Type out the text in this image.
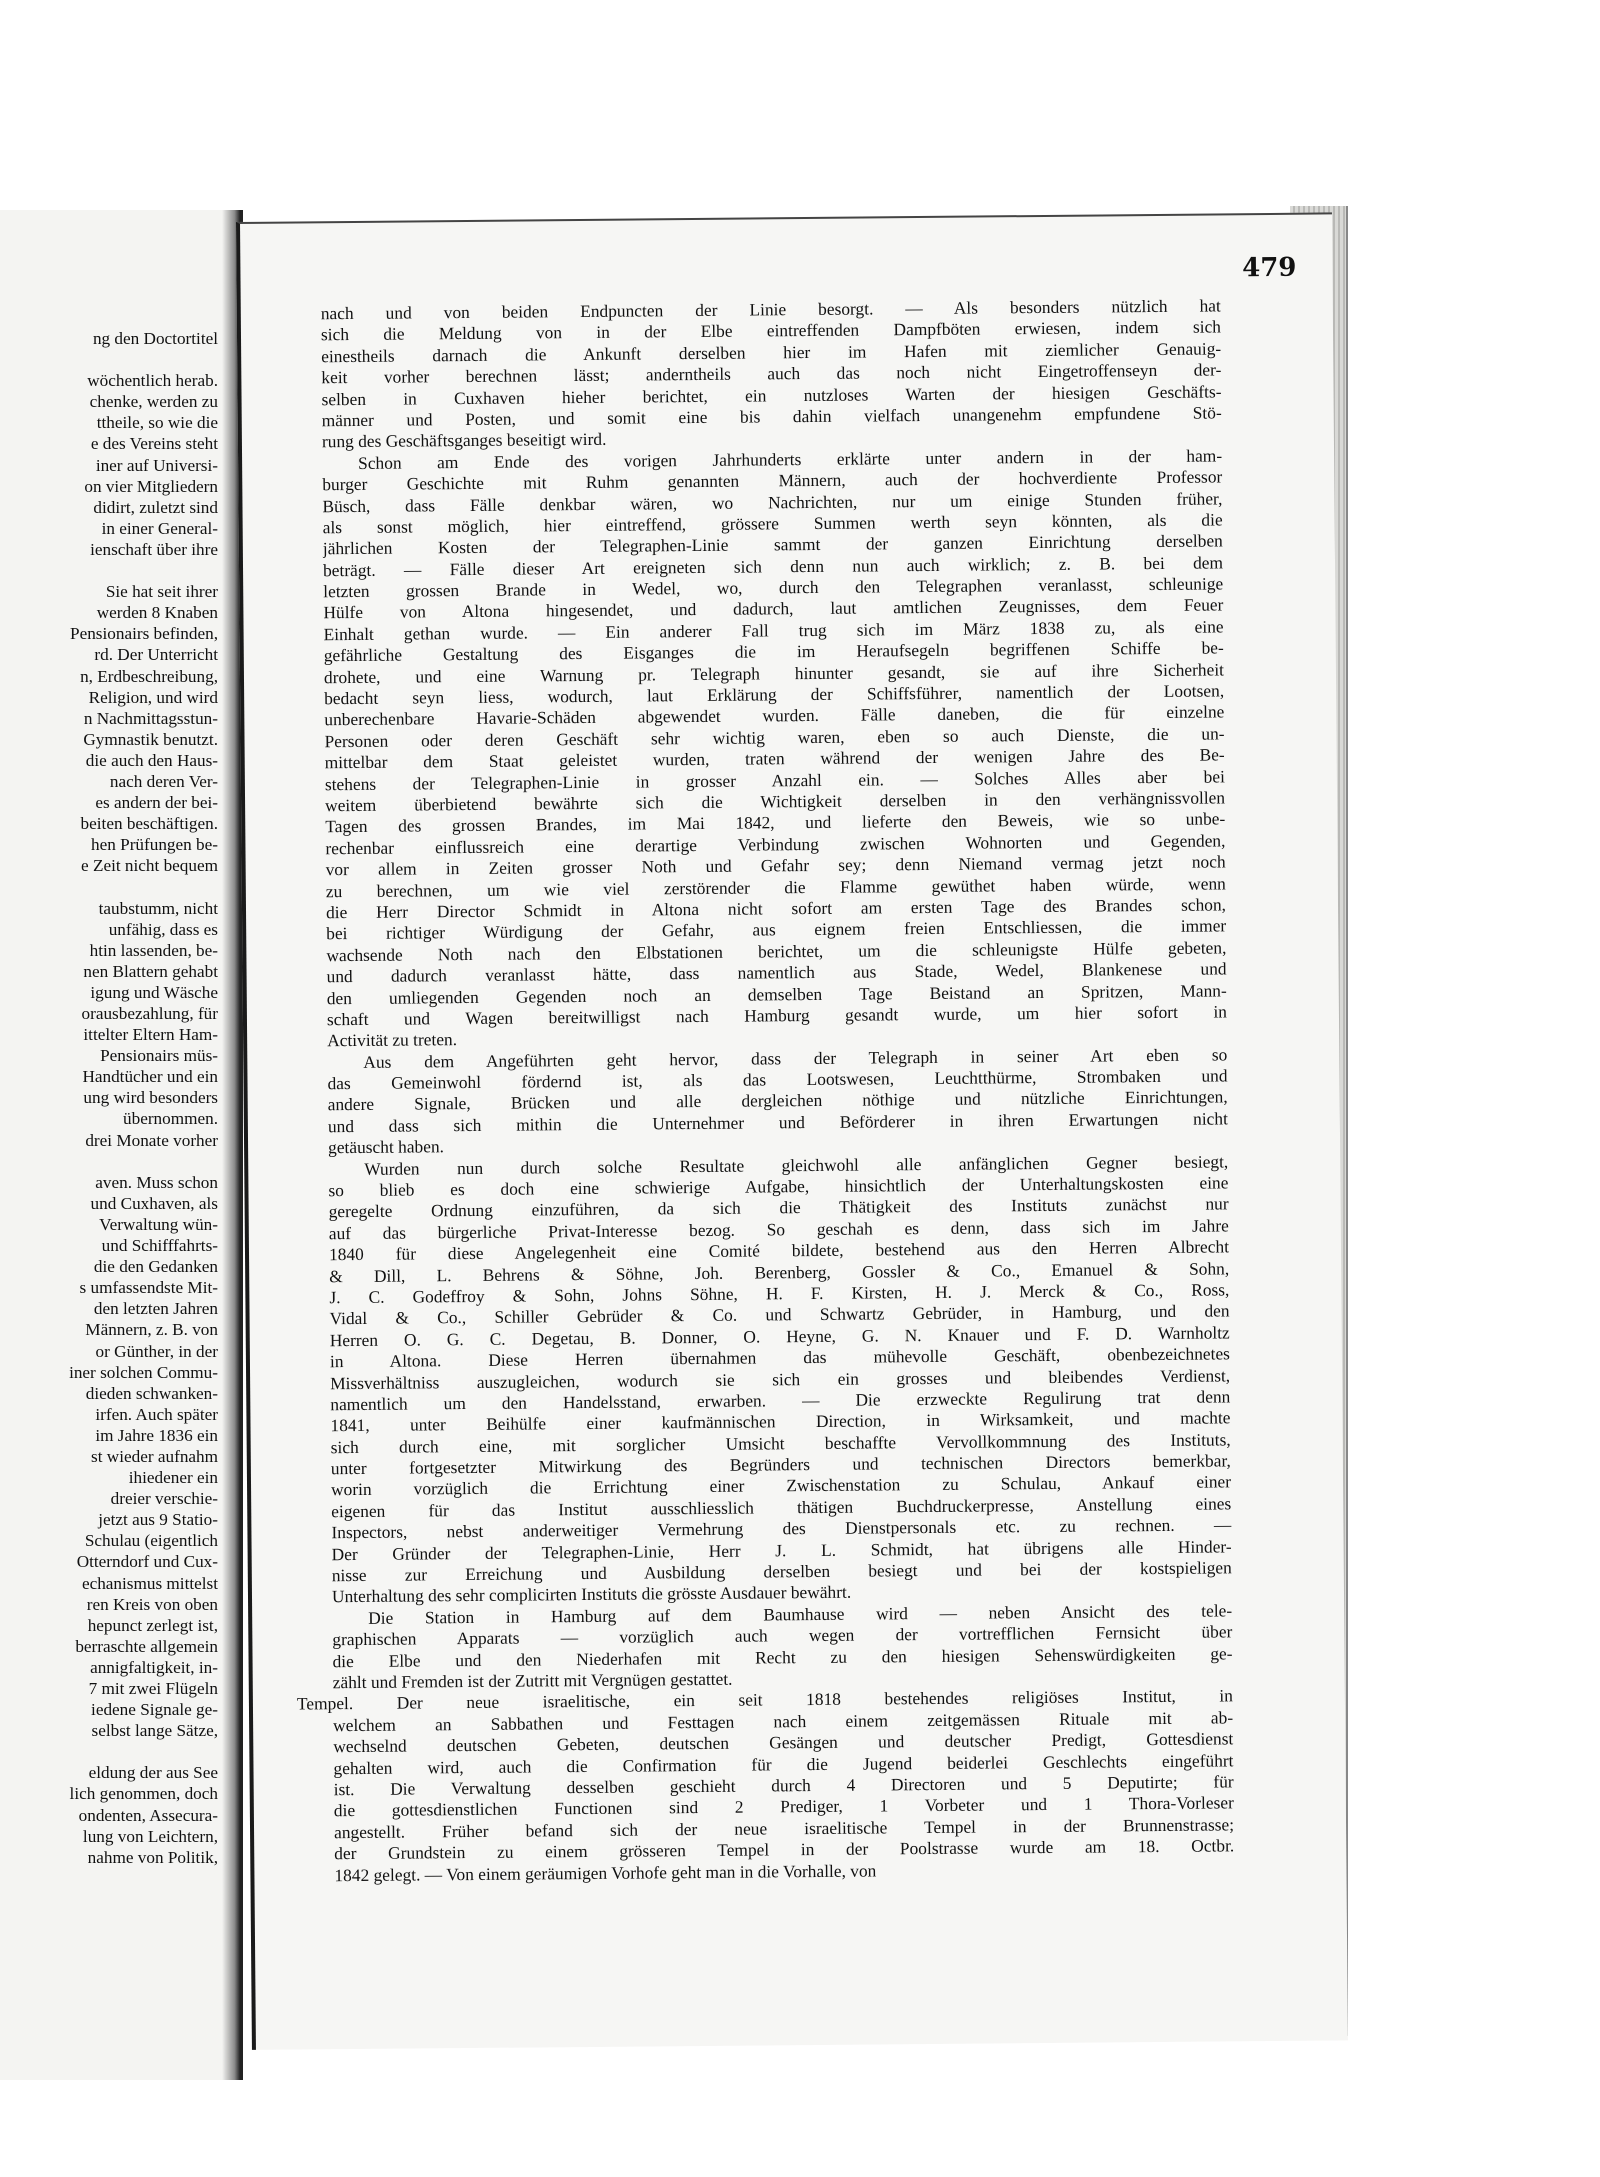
ng den Doctortitel
wöchentlich herab.
chenke, werden zu
ttheile, so wie die
e des Vereins steht
iner auf Universi-
on vier Mitgliedern
didirt, zuletzt sind
in einer General-
ienschaft über ihre
Sie hat seit ihrer
werden 8 Knaben
Pensionairs befinden,
rd. Der Unterricht
n, Erdbeschreibung,
Religion, und wird
n Nachmittagsstun-
Gymnastik benutzt.
die auch den Haus-
nach deren Ver-
es andern der bei-
beiten beschäftigen.
hen Prüfungen be-
e Zeit nicht bequem
taubstumm, nicht
unfähig, dass es
htin lassenden, be-
nen Blattern gehabt
igung und Wäsche
orausbezahlung, für
ittelter Eltern Ham-
Pensionairs müs-
Handtücher und ein
ung wird besonders
übernommen.
drei Monate vorher
aven. Muss schon
und Cuxhaven, als
Verwaltung wün-
und Schifffahrts-
die den Gedanken
s umfassendste Mit-
den letzten Jahren
Männern, z. B. von
or Günther, in der
iner solchen Commu-
dieden schwanken-
irfen. Auch später
im Jahre 1836 ein
st wieder aufnahm
ihiedener ein
dreier verschie-
jetzt aus 9 Statio-
Schulau (eigentlich
Otterndorf und Cux-
echanismus mittelst
ren Kreis von oben
hepunct zerlegt ist,
berraschte allgemein
annigfaltigkeit, in-
7 mit zwei Flügeln
iedene Signale ge-
selbst lange Sätze,
eldung der aus See
lich genommen, doch
ondenten, Assecura-
lung von Leichtern,
nahme von Politik,
479
nach und von beiden Endpuncten der Linie besorgt. — Als besonders nützlich hat
sich die Meldung von in der Elbe eintreffenden Dampfböten erwiesen, indem sich
einestheils darnach die Ankunft derselben hier im Hafen mit ziemlicher Genauig-
keit vorher berechnen lässt; anderntheils auch das noch nicht Eingetroffenseyn der-
selben in Cuxhaven hieher berichtet, ein nutzloses Warten der hiesigen Geschäfts-
männer und Posten, und somit eine bis dahin vielfach unangenehm empfundene Stö-
rung des Geschäftsganges beseitigt wird.
Schon am Ende des vorigen Jahrhunderts erklärte unter andern in der ham-
burger Geschichte mit Ruhm genannten Männern, auch der hochverdiente Professor
Büsch, dass Fälle denkbar wären, wo Nachrichten, nur um einige Stunden früher,
als sonst möglich, hier eintreffend, grössere Summen werth seyn könnten, als die
jährlichen Kosten der Telegraphen-Linie sammt der ganzen Einrichtung derselben
beträgt. — Fälle dieser Art ereigneten sich denn nun auch wirklich; z. B. bei dem
letzten grossen Brande in Wedel, wo, durch den Telegraphen veranlasst, schleunige
Hülfe von Altona hingesendet, und dadurch, laut amtlichen Zeugnisses, dem Feuer
Einhalt gethan wurde. — Ein anderer Fall trug sich im März 1838 zu, als eine
gefährliche Gestaltung des Eisganges die im Heraufsegeln begriffenen Schiffe be-
drohete, und eine Warnung pr. Telegraph hinunter gesandt, sie auf ihre Sicherheit
bedacht seyn liess, wodurch, laut Erklärung der Schiffsführer, namentlich der Lootsen,
unberechenbare Havarie-Schäden abgewendet wurden. Fälle daneben, die für einzelne
Personen oder deren Geschäft sehr wichtig waren, eben so auch Dienste, die un-
mittelbar dem Staat geleistet wurden, traten während der wenigen Jahre des Be-
stehens der Telegraphen-Linie in grosser Anzahl ein. — Solches Alles aber bei
weitem überbietend bewährte sich die Wichtigkeit derselben in den verhängnissvollen
Tagen des grossen Brandes, im Mai 1842, und lieferte den Beweis, wie so unbe-
rechenbar einflussreich eine derartige Verbindung zwischen Wohnorten und Gegenden,
vor allem in Zeiten grosser Noth und Gefahr sey; denn Niemand vermag jetzt noch
zu berechnen, um wie viel zerstörender die Flamme gewüthet haben würde, wenn
die Herr Director Schmidt in Altona nicht sofort am ersten Tage des Brandes schon,
bei richtiger Würdigung der Gefahr, aus eignem freien Entschliessen, die immer
wachsende Noth nach den Elbstationen berichtet, um die schleunigste Hülfe gebeten,
und dadurch veranlasst hätte, dass namentlich aus Stade, Wedel, Blankenese und
den umliegenden Gegenden noch an demselben Tage Beistand an Spritzen, Mann-
schaft und Wagen bereitwilligst nach Hamburg gesandt wurde, um hier sofort in
Activität zu treten.
Aus dem Angeführten geht hervor, dass der Telegraph in seiner Art eben so
das Gemeinwohl fördernd ist, als das Lootswesen, Leuchtthürme, Strombaken und
andere Signale, Brücken und alle dergleichen nöthige und nützliche Einrichtungen,
und dass sich mithin die Unternehmer und Beförderer in ihren Erwartungen nicht
getäuscht haben.
Wurden nun durch solche Resultate gleichwohl alle anfänglichen Gegner besiegt,
so blieb es doch eine schwierige Aufgabe, hinsichtlich der Unterhaltungskosten eine
geregelte Ordnung einzuführen, da sich die Thätigkeit des Instituts zunächst nur
auf das bürgerliche Privat-Interesse bezog. So geschah es denn, dass sich im Jahre
1840 für diese Angelegenheit eine Comité bildete, bestehend aus den Herren Albrecht
& Dill, L. Behrens & Söhne, Joh. Berenberg, Gossler & Co., Emanuel & Sohn,
J. C. Godeffroy & Sohn, Johns Söhne, H. F. Kirsten, H. J. Merck & Co., Ross,
Vidal & Co., Schiller Gebrüder & Co. und Schwartz Gebrüder, in Hamburg, und den
Herren O. G. C. Degetau, B. Donner, O. Heyne, G. N. Knauer und F. D. Warnholtz
in Altona. Diese Herren übernahmen das mühevolle Geschäft, obenbezeichnetes
Missverhältniss auszugleichen, wodurch sie sich ein grosses und bleibendes Verdienst,
namentlich um den Handelsstand, erwarben. — Die erzweckte Regulirung trat denn
1841, unter Beihülfe einer kaufmännischen Direction, in Wirksamkeit, und machte
sich durch eine, mit sorglicher Umsicht beschaffte Vervollkommnung des Instituts,
unter fortgesetzter Mitwirkung des Begründers und technischen Directors bemerkbar,
worin vorzüglich die Errichtung einer Zwischenstation zu Schulau, Ankauf einer
eigenen für das Institut ausschliesslich thätigen Buchdruckerpresse, Anstellung eines
Inspectors, nebst anderweitiger Vermehrung des Dienstpersonals etc. zu rechnen. —
Der Gründer der Telegraphen-Linie, Herr J. L. Schmidt, hat übrigens alle Hinder-
nisse zur Erreichung und Ausbildung derselben besiegt und bei der kostspieligen
Unterhaltung des sehr complicirten Instituts die grösste Ausdauer bewährt.
Die Station in Hamburg auf dem Baumhause wird — neben Ansicht des tele-
graphischen Apparats — vorzüglich auch wegen der vortrefflichen Fernsicht über
die Elbe und den Niederhafen mit Recht zu den hiesigen Sehenswürdigkeiten ge-
zählt und Fremden ist der Zutritt mit Vergnügen gestattet.
Tempel. Der neue israelitische, ein seit 1818 bestehendes religiöses Institut, in
welchem an Sabbathen und Festtagen nach einem zeitgemässen Rituale mit ab-
wechselnd deutschen Gebeten, deutschen Gesängen und deutscher Predigt, Gottesdienst
gehalten wird, auch die Confirmation für die Jugend beiderlei Geschlechts eingeführt
ist. Die Verwaltung desselben geschieht durch 4 Directoren und 5 Deputirte; für
die gottesdienstlichen Functionen sind 2 Prediger, 1 Vorbeter und 1 Thora-Vorleser
angestellt. Früher befand sich der neue israelitische Tempel in der Brunnenstrasse;
der Grundstein zu einem grösseren Tempel in der Poolstrasse wurde am 18. Octbr.
1842 gelegt. — Von einem geräumigen Vorhofe geht man in die Vorhalle, von
